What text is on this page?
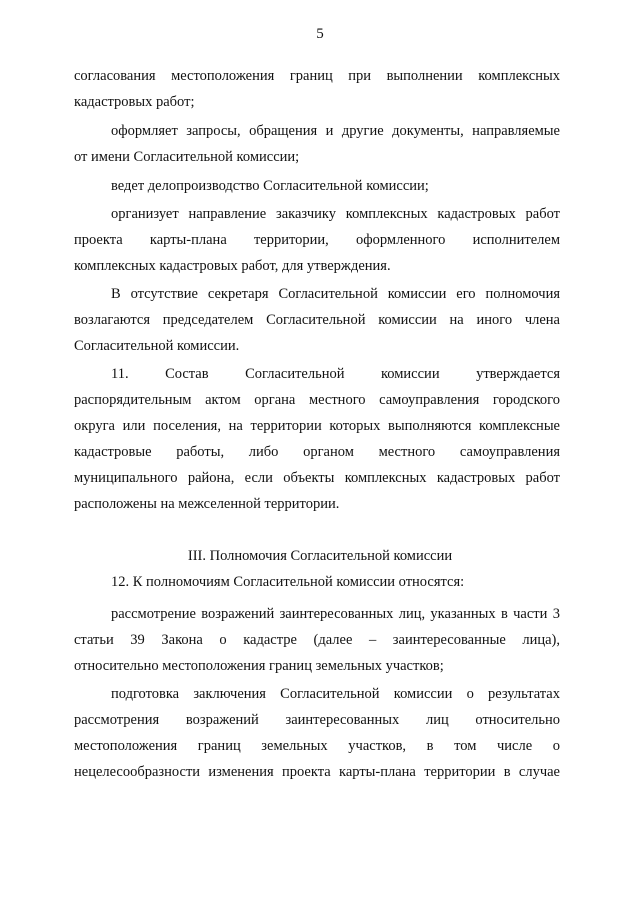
5
согласования местоположения границ при выполнении комплексных
кадастровых работ;
оформляет запросы, обращения и другие документы, направляемые
от имени Согласительной комиссии;
ведет делопроизводство Согласительной комиссии;
организует направление заказчику комплексных кадастровых работ
проекта карты-плана территории, оформленного исполнителем
комплексных кадастровых работ, для утверждения.
В отсутствие секретаря Согласительной комиссии его полномочия
возлагаются председателем Согласительной комиссии на иного члена
Согласительной комиссии.
11. Состав Согласительной комиссии утверждается
распорядительным актом органа местного самоуправления городского
округа или поселения, на территории которых выполняются комплексные
кадастровые работы, либо органом местного самоуправления
муниципального района, если объекты комплексных кадастровых работ
расположены на межселенной территории.
III. Полномочия Согласительной комиссии
12. К полномочиям Согласительной комиссии относятся:
рассмотрение возражений заинтересованных лиц, указанных в части 3
статьи 39 Закона о кадастре (далее – заинтересованные лица),
относительно местоположения границ земельных участков;
подготовка заключения Согласительной комиссии о результатах
рассмотрения возражений заинтересованных лиц относительно
местоположения границ земельных участков, в том числе о
нецелесообразности изменения проекта карты-плана территории в случае
